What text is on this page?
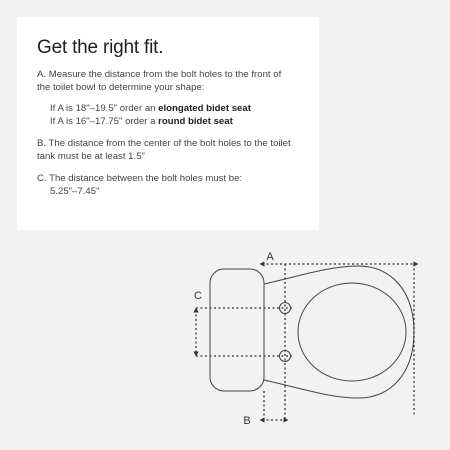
Get the right fit.

A. Measure the distance from the bolt holes to the front of the toilet bowl to determine your shape:

If A is 18"–19.5" order an elongated bidet seat

If A is 16"–17.75" order a round bidet seat

B. The distance from the center of the bolt holes to the toilet tank must be at least 1.5"

C. The distance between the bolt holes must be:

5.25"–7.45"

A
B
C
